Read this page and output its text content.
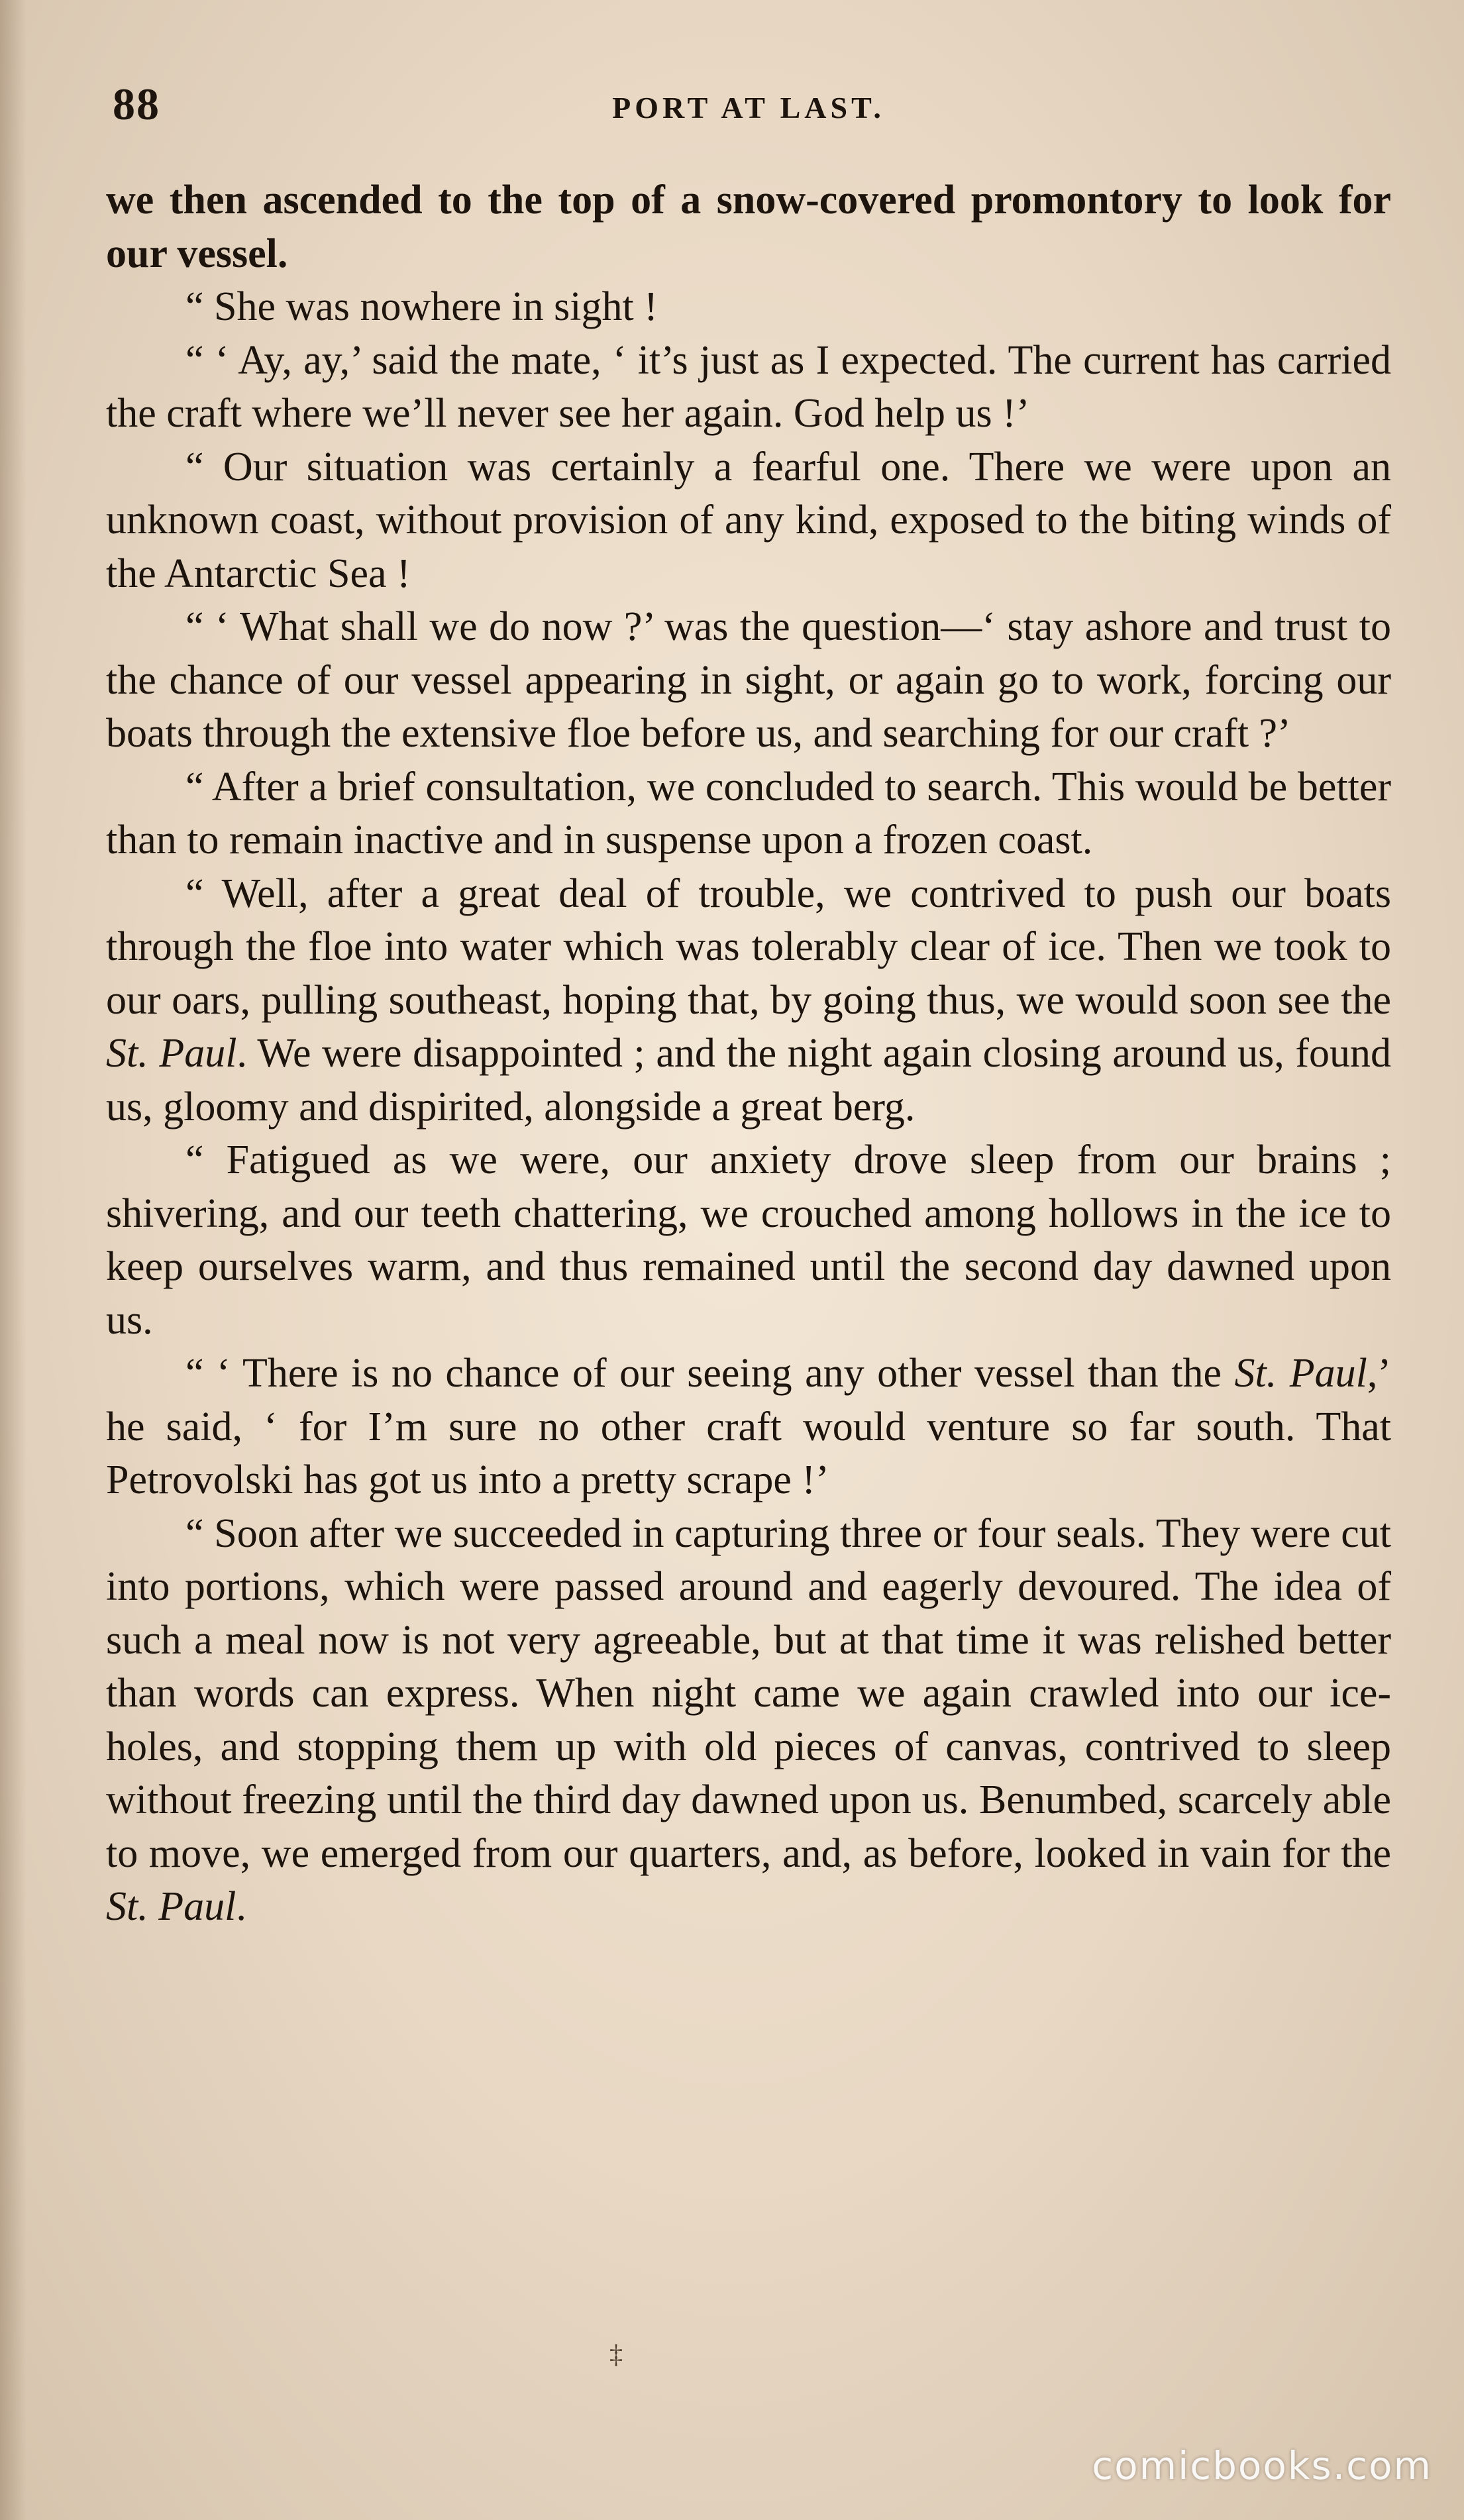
88	PORT AT LAST.

we then ascended to the top of a snow-covered promontory to look for our vessel.

“ She was nowhere in sight !

“ ‘ Ay, ay,’ said the mate, ‘ it’s just as I expected. The current has carried the craft where we’ll never see her again. God help us !’

“ Our situation was certainly a fearful one. There we were upon an unknown coast, without provision of any kind, exposed to the biting winds of the Antarctic Sea !

“ ‘ What shall we do now ?’ was the question—‘ stay ashore and trust to the chance of our vessel appearing in sight, or again go to work, forcing our boats through the extensive floe before us, and searching for our craft ?’

“ After a brief consultation, we concluded to search. This would be better than to remain inactive and in suspense upon a frozen coast.

“ Well, after a great deal of trouble, we contrived to push our boats through the floe into water which was tolerably clear of ice. Then we took to our oars, pulling southeast, hoping that, by going thus, we would soon see the St. Paul. We were disappointed ; and the night again closing around us, found us, gloomy and dispirited, alongside a great berg.

“ Fatigued as we were, our anxiety drove sleep from our brains ; shivering, and our teeth chattering, we crouched among hollows in the ice to keep ourselves warm, and thus remained until the second day dawned upon us.

“ ‘ There is no chance of our seeing any other vessel than the St. Paul,’ he said, ‘ for I’m sure no other craft would venture so far south. That Petrovolski has got us into a pretty scrape !’

“ Soon after we succeeded in capturing three or four seals. They were cut into portions, which were passed around and eagerly devoured. The idea of such a meal now is not very agreeable, but at that time it was relished better than words can express. When night came we again crawled into our ice-holes, and stopping them up with old pieces of canvas, contrived to sleep without freezing until the third day dawned upon us. Benumbed, scarcely able to move, we emerged from our quarters, and, as before, looked in vain for the St. Paul.

‡
comicbooks.com
